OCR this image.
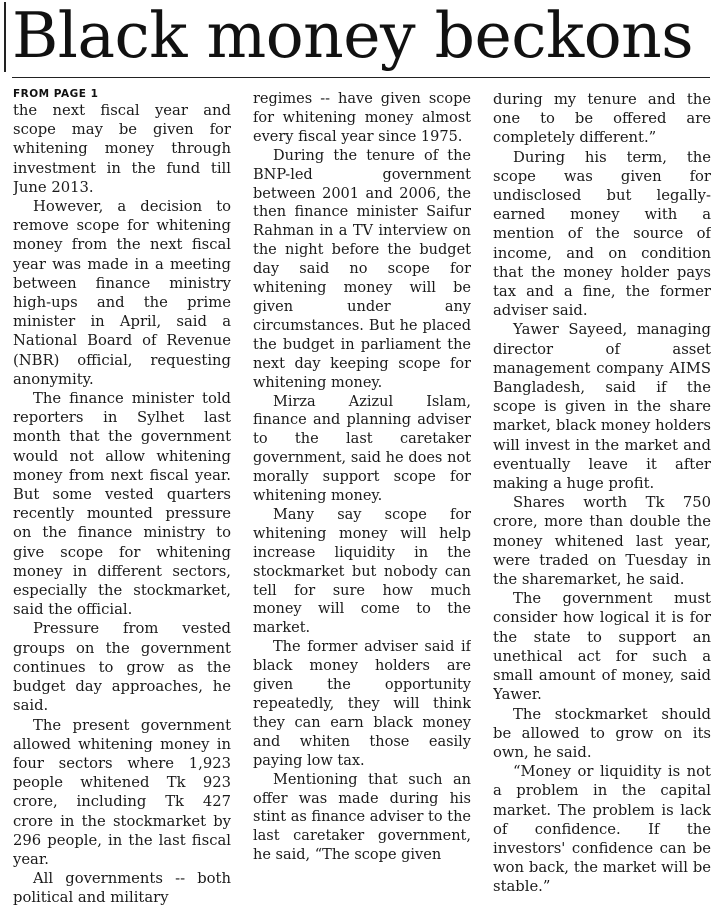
Black money beckons
FROM PAGE 1

the next fiscal year and scope may be given for whitening money through investment in the fund till June 2013.

However, a decision to remove scope for whitening money from the next fiscal year was made in a meeting between finance ministry high-ups and the prime minister in April, said a National Board of Revenue (NBR) official, requesting anonymity.

The finance minister told reporters in Sylhet last month that the government would not allow whitening money from next fiscal year. But some vested quarters recently mounted pressure on the finance ministry to give scope for whitening money in different sectors, especially the stockmarket, said the official.

Pressure from vested groups on the government continues to grow as the budget day approaches, he said.

The present government allowed whitening money in four sectors where 1,923 people whitened Tk 923 crore, including Tk 427 crore in the stockmarket by 296 people, in the last fiscal year.

All governments -- both political and military

regimes -- have given scope for whitening money almost every fiscal year since 1975.

During the tenure of the BNP-led government between 2001 and 2006, the then finance minister Saifur Rahman in a TV interview on the night before the budget day said no scope for whitening money will be given under any circumstances. But he placed the budget in parliament the next day keeping scope for whitening money.

Mirza Azizul Islam, finance and planning adviser to the last caretaker government, said he does not morally support scope for whitening money.

Many say scope for whitening money will help increase liquidity in the stockmarket but nobody can tell for sure how much money will come to the market.

The former adviser said if black money holders are given the opportunity repeatedly, they will think they can earn black money and whiten those easily paying low tax.

Mentioning that such an offer was made during his stint as finance adviser to the last caretaker government, he said, “The scope given

during my tenure and the one to be offered are completely different.”

During his term, the scope was given for undisclosed but legally-earned money with a mention of the source of income, and on condition that the money holder pays tax and a fine, the former adviser said.

Yawer Sayeed, managing director of asset management company AIMS Bangladesh, said if the scope is given in the share market, black money holders will invest in the market and eventually leave it after making a huge profit.

Shares worth Tk 750 crore, more than double the money whitened last year, were traded on Tuesday in the sharemarket, he said.

The government must consider how logical it is for the state to support an unethical act for such a small amount of money, said Yawer.

The stockmarket should be allowed to grow on its own, he said.

“Money or liquidity is not a problem in the capital market. The problem is lack of confidence. If the investors' confidence can be won back, the market will be stable.”
